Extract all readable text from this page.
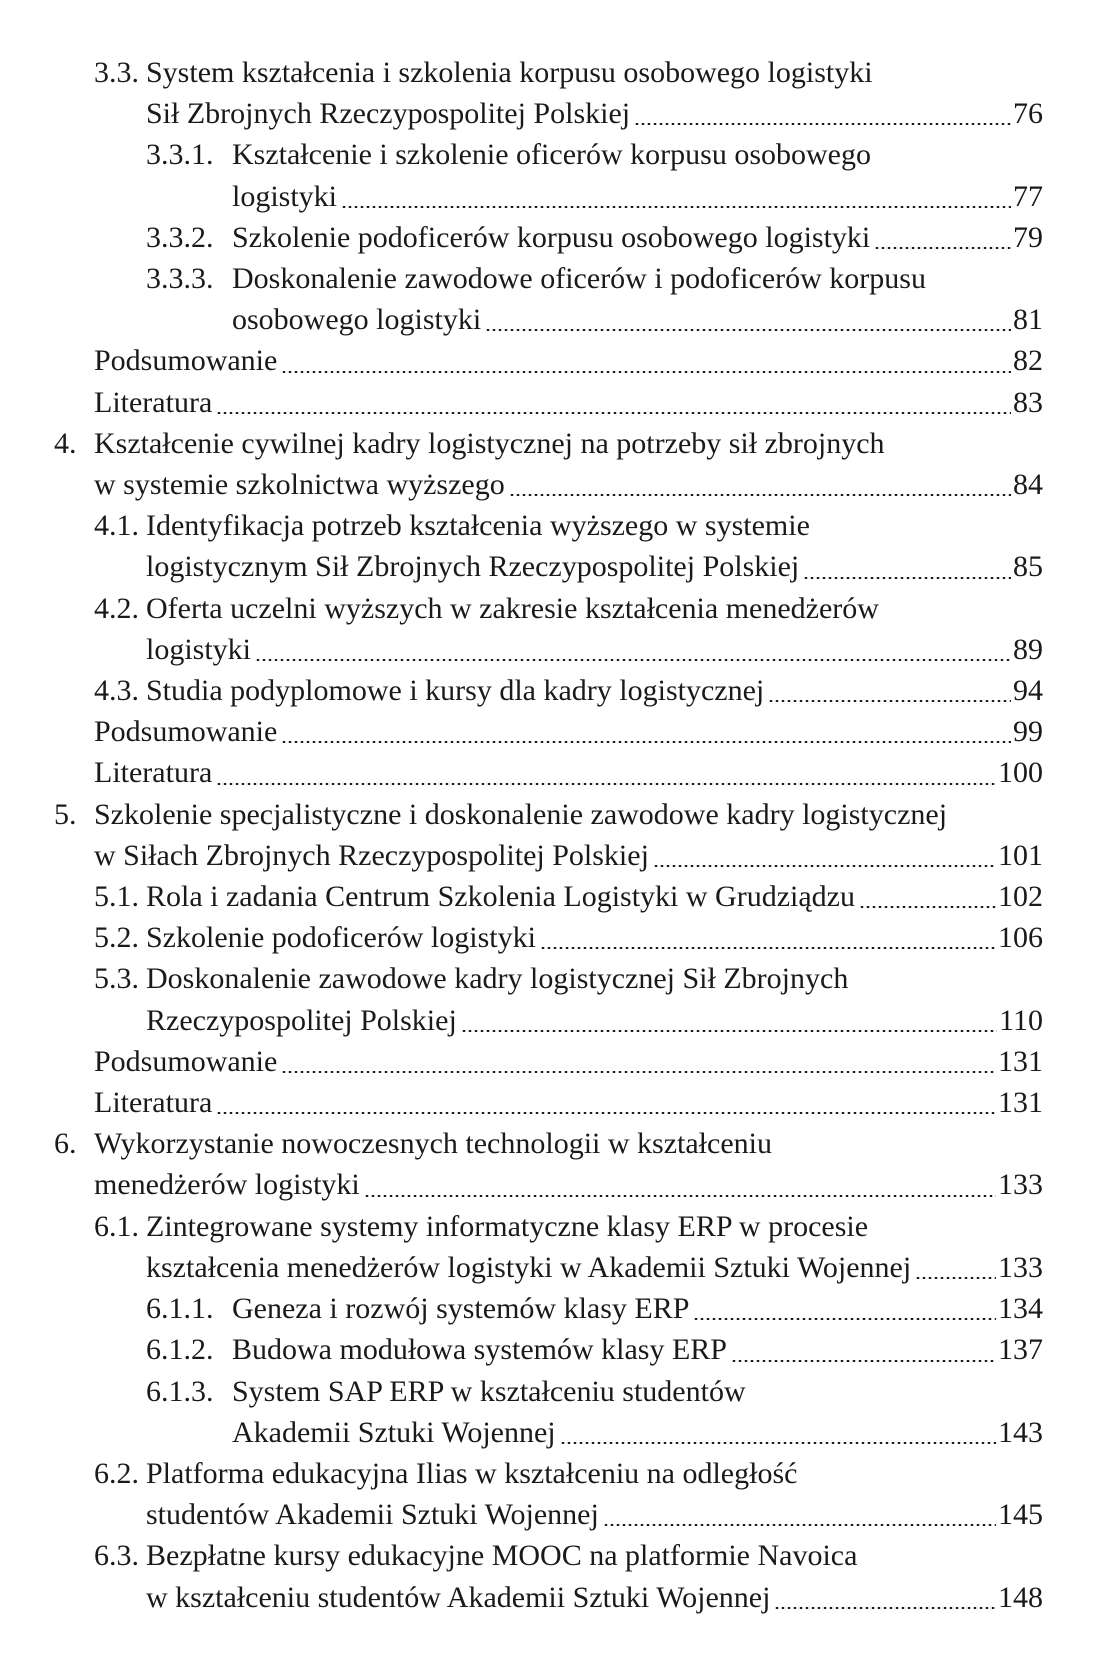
3.3. System kształcenia i szkolenia korpusu osobowego logistyki
Sił Zbrojnych Rzeczypospolitej Polskiej	76
3.3.1. Kształcenie i szkolenie oficerów korpusu osobowego
logistyki	77
3.3.2. Szkolenie podoficerów korpusu osobowego logistyki	79
3.3.3. Doskonalenie zawodowe oficerów i podoficerów korpusu
osobowego logistyki	81
Podsumowanie	82
Literatura	83
4. Kształcenie cywilnej kadry logistycznej na potrzeby sił zbrojnych
w systemie szkolnictwa wyższego	84
4.1. Identyfikacja potrzeb kształcenia wyższego w systemie
logistycznym Sił Zbrojnych Rzeczypospolitej Polskiej	85
4.2. Oferta uczelni wyższych w zakresie kształcenia menedżerów
logistyki	89
4.3. Studia podyplomowe i kursy dla kadry logistycznej	94
Podsumowanie	99
Literatura	100
5. Szkolenie specjalistyczne i doskonalenie zawodowe kadry logistycznej
w Siłach Zbrojnych Rzeczypospolitej Polskiej	101
5.1. Rola i zadania Centrum Szkolenia Logistyki w Grudziądzu	102
5.2. Szkolenie podoficerów logistyki	106
5.3. Doskonalenie zawodowe kadry logistycznej Sił Zbrojnych
Rzeczypospolitej Polskiej	110
Podsumowanie	131
Literatura	131
6. Wykorzystanie nowoczesnych technologii w kształceniu
menedżerów logistyki	133
6.1. Zintegrowane systemy informatyczne klasy ERP w procesie
kształcenia menedżerów logistyki w Akademii Sztuki Wojennej	133
6.1.1. Geneza i rozwój systemów klasy ERP	134
6.1.2. Budowa modułowa systemów klasy ERP	137
6.1.3. System SAP ERP w kształceniu studentów
Akademii Sztuki Wojennej	143
6.2. Platforma edukacyjna Ilias w kształceniu na odległość
studentów Akademii Sztuki Wojennej	145
6.3. Bezpłatne kursy edukacyjne MOOC na platformie Navoica
w kształceniu studentów Akademii Sztuki Wojennej	148
